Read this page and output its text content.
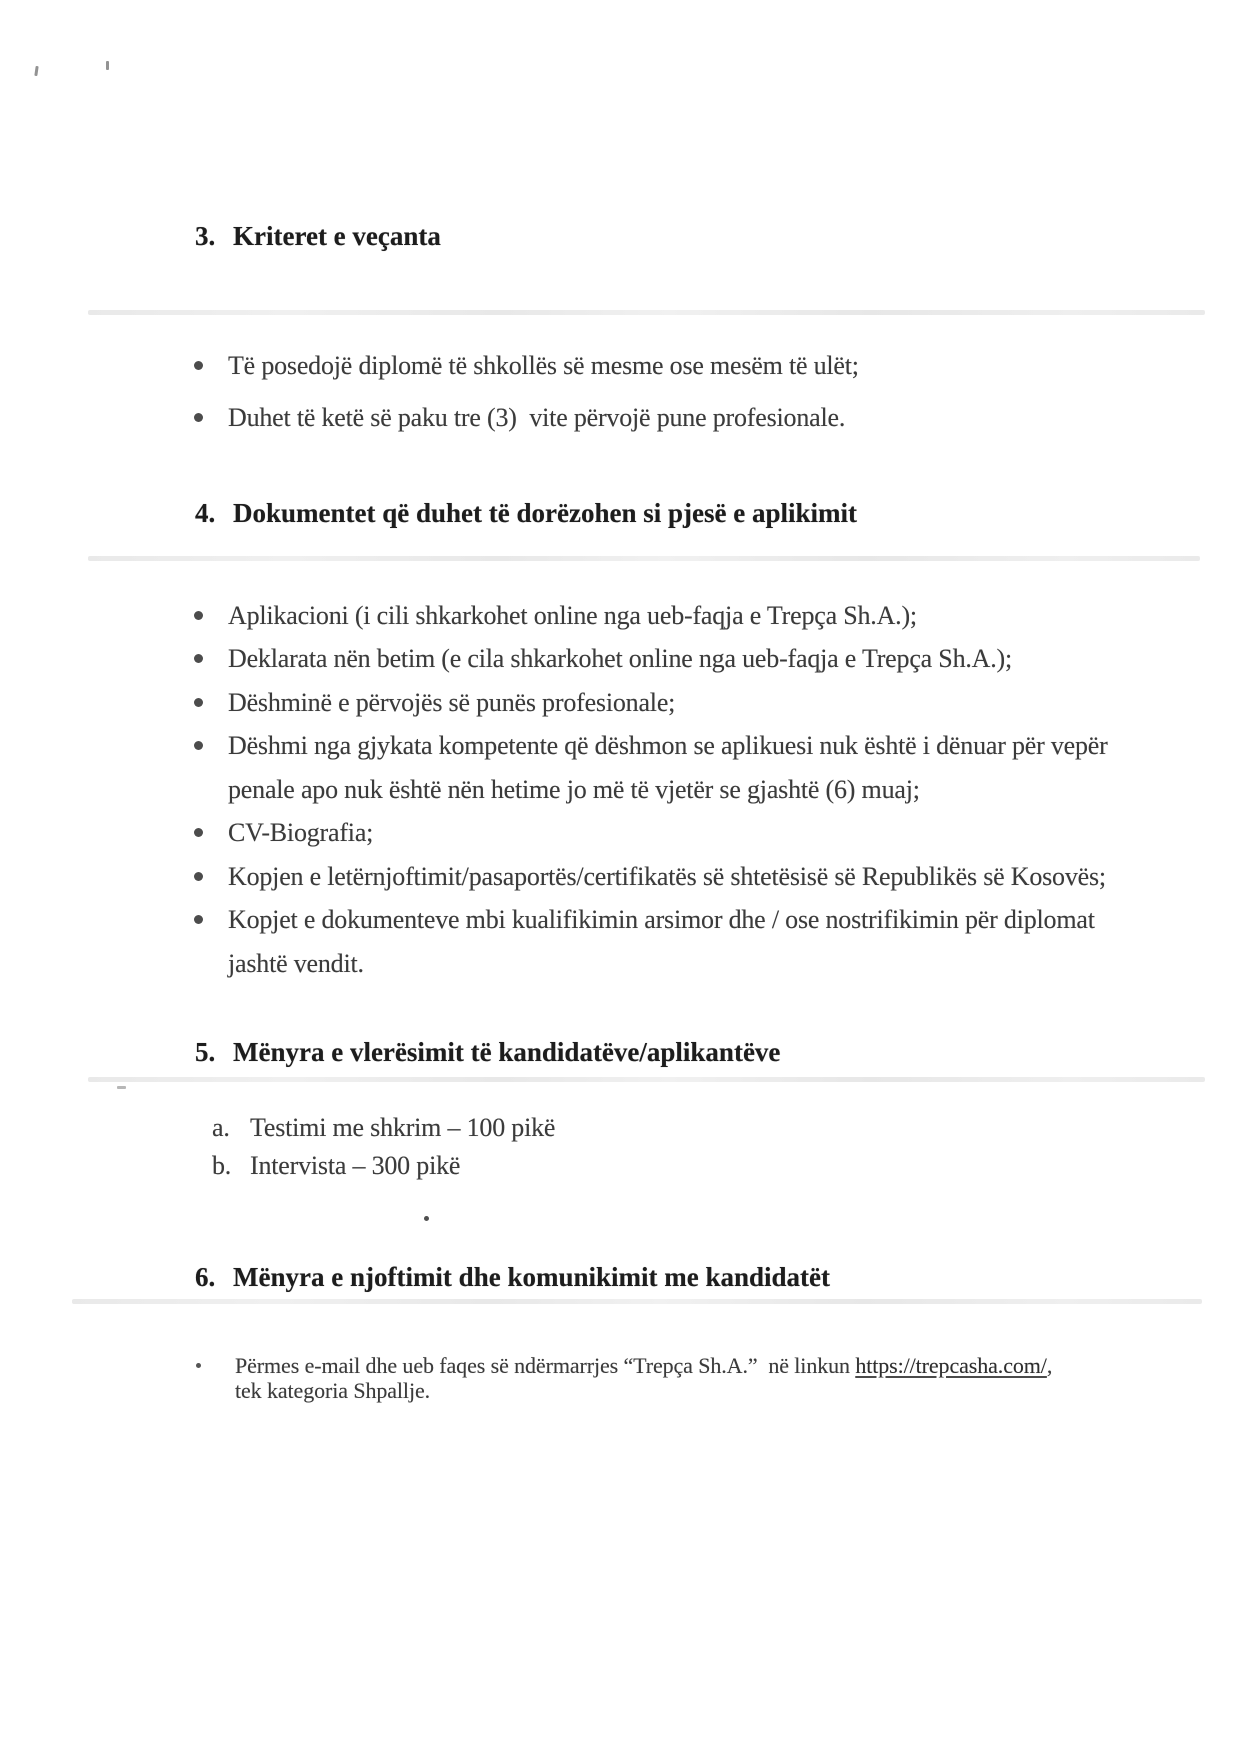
3. Kriteret e veçanta
Të posedojë diplomë të shkollës së mesme ose mesëm të ulët;
Duhet të ketë së paku tre (3)  vite përvojë pune profesionale.
4. Dokumentet që duhet të dorëzohen si pjesë e aplikimit
Aplikacioni (i cili shkarkohet online nga ueb-faqja e Trepça Sh.A.);
Deklarata nën betim (e cila shkarkohet online nga ueb-faqja e Trepça Sh.A.);
Dëshminë e përvojës së punës profesionale;
Dëshmi nga gjykata kompetente që dëshmon se aplikuesi nuk është i dënuar për vepër
penale apo nuk është nën hetime jo më të vjetër se gjashtë (6) muaj;
CV-Biografia;
Kopjen e letërnjoftimit/pasaportës/certifikatës së shtetësisë së Republikës së Kosovës;
Kopjet e dokumenteve mbi kualifikimin arsimor dhe / ose nostrifikimin për diplomat
jashtë vendit.
5. Mënyra e vlerësimit të kandidatëve/aplikantëve
a. Testimi me shkrim – 100 pikë
b. Intervista – 300 pikë
6. Mënyra e njoftimit dhe komunikimit me kandidatët
Përmes e-mail dhe ueb faqes së ndërmarrjes “Trepça Sh.A.”  në linkun https://trepcasha.com/,
tek kategoria Shpallje.
